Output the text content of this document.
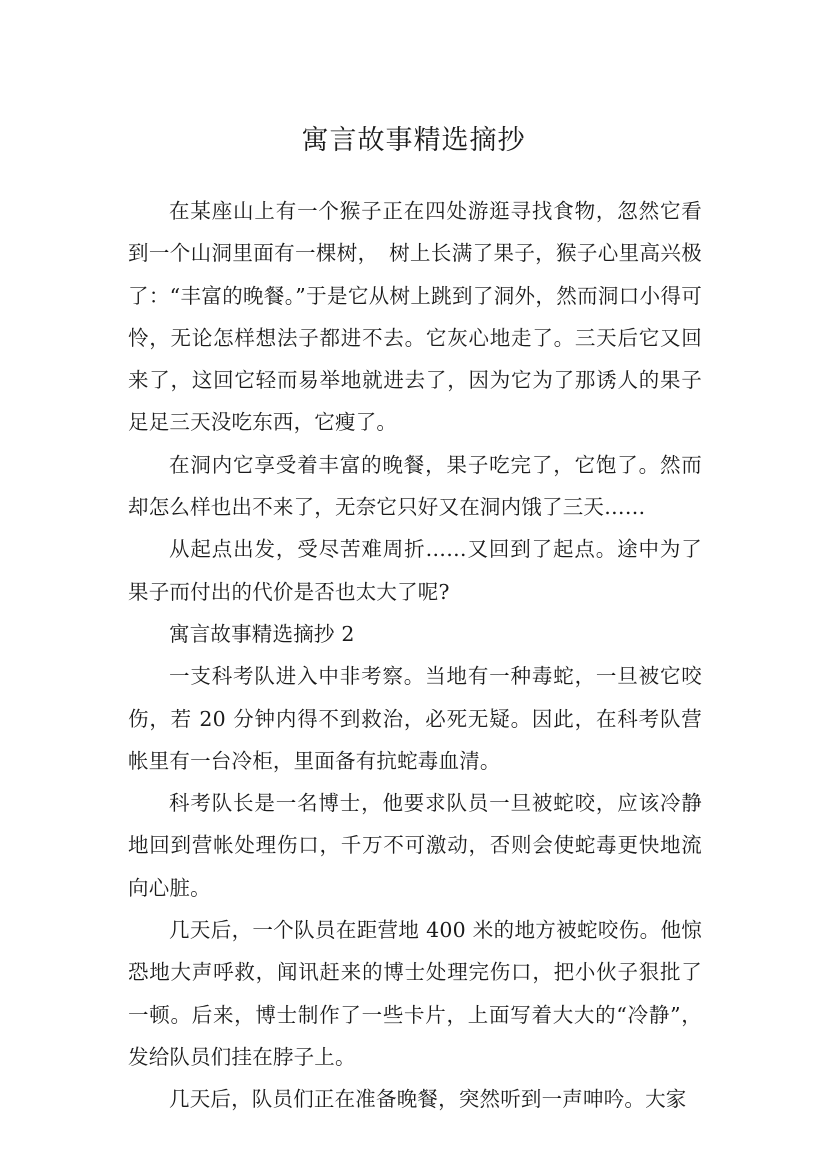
寓言故事精选摘抄

在某座山上有一个猴子正在四处游逛寻找食物，忽然它看到一个山洞里面有一棵树，　树上长满了果子，猴子心里高兴极了：“丰富的晚餐。”于是它从树上跳到了洞外，然而洞口小得可怜，无论怎样想法子都进不去。它灰心地走了。三天后它又回来了，这回它轻而易举地就进去了，因为它为了那诱人的果子足足三天没吃东西，它瘦了。

在洞内它享受着丰富的晚餐，果子吃完了，它饱了。然而却怎么样也出不来了，无奈它只好又在洞内饿了三天……

从起点出发，受尽苦难周折……又回到了起点。途中为了果子而付出的代价是否也太大了呢?

寓言故事精选摘抄 2

一支科考队进入中非考察。当地有一种毒蛇，一旦被它咬伤，若 20 分钟内得不到救治，必死无疑。因此，在科考队营帐里有一台冷柜，里面备有抗蛇毒血清。

科考队长是一名博士，他要求队员一旦被蛇咬，应该冷静地回到营帐处理伤口，千万不可激动，否则会使蛇毒更快地流向心脏。

几天后，一个队员在距营地 400 米的地方被蛇咬伤。他惊恐地大声呼救，闻讯赶来的博士处理完伤口，把小伙子狠批了一顿。后来，博士制作了一些卡片，上面写着大大的“冷静”，发给队员们挂在脖子上。

几天后，队员们正在准备晚餐，突然听到一声呻吟。大家
